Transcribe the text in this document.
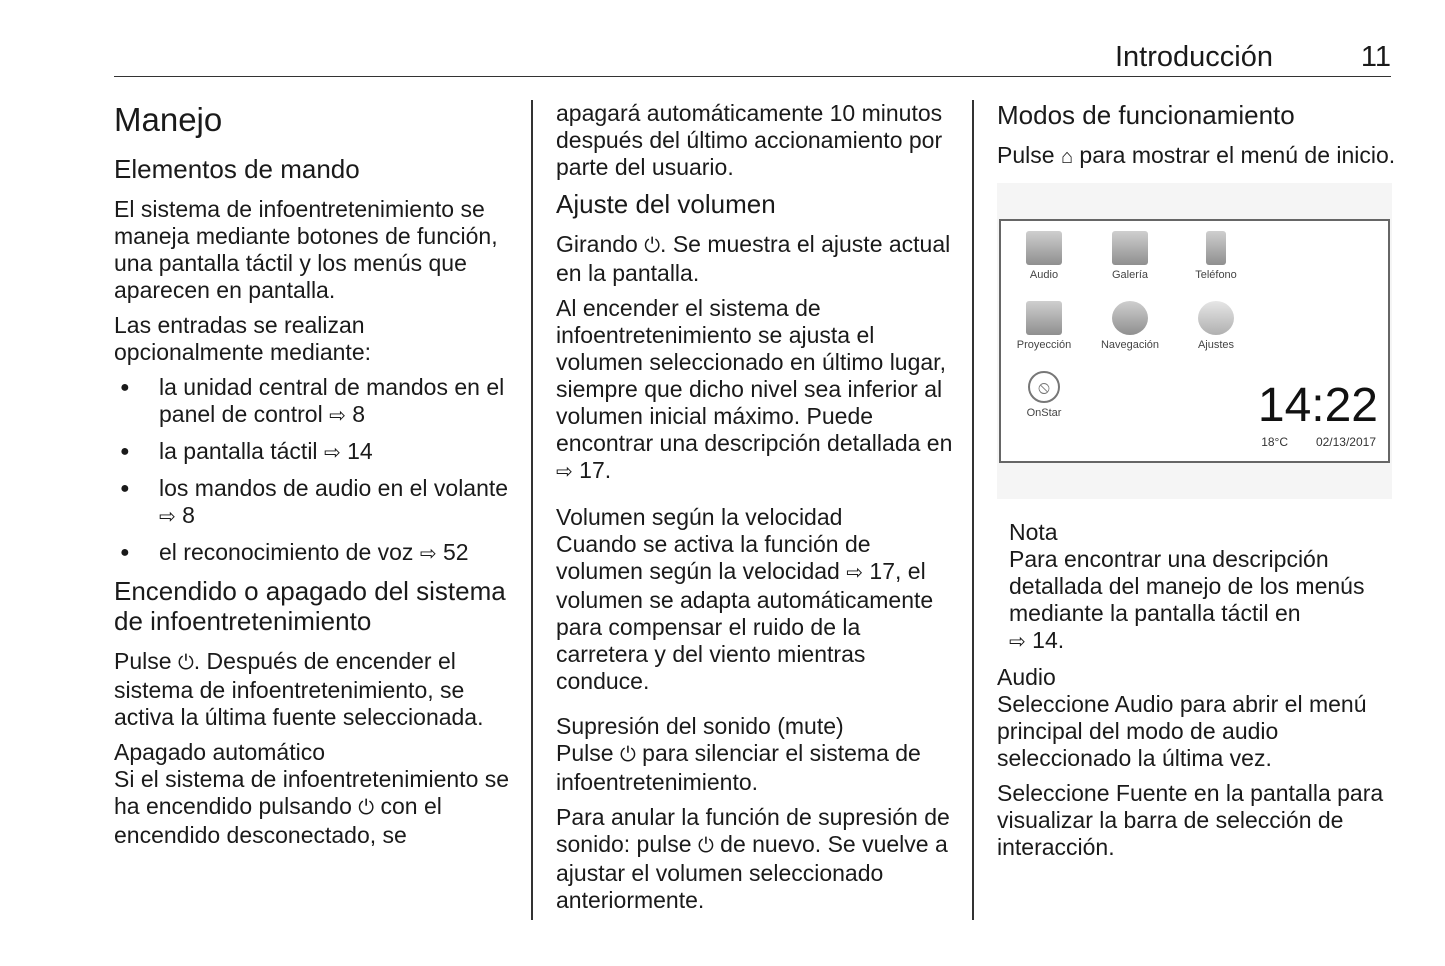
Introducción	11
Manejo
Elementos de mando

El sistema de infoentretenimiento se maneja mediante botones de función, una pantalla táctil y los menús que aparecen en pantalla.

Las entradas se realizan opcionalmente mediante:

● la unidad central de mandos en el panel de control ⇨ 8
● la pantalla táctil ⇨ 14
● los mandos de audio en el volante ⇨ 8
● el reconocimiento de voz ⇨ 52
Encendido o apagado del sistema de infoentretenimiento

Pulse ⏻. Después de encender el sistema de infoentretenimiento, se activa la última fuente seleccionada.

Apagado automático

Si el sistema de infoentretenimiento se ha encendido pulsando ⏻ con el encendido desconectado, se

apagará automáticamente 10 minutos después del último accionamiento por parte del usuario.

Ajuste del volumen

Girando ⏻. Se muestra el ajuste actual en la pantalla.

Al encender el sistema de infoentretenimiento se ajusta el volumen seleccionado en último lugar, siempre que dicho nivel sea inferior al volumen inicial máximo. Puede encontrar una descripción detallada en ⇨ 17.

Volumen según la velocidad

Cuando se activa la función de volumen según la velocidad ⇨ 17, el volumen se adapta automáticamente para compensar el ruido de la carretera y del viento mientras conduce.

Supresión del sonido (mute)

Pulse ⏻ para silenciar el sistema de infoentretenimiento.

Para anular la función de supresión de sonido: pulse ⏻ de nuevo. Se vuelve a ajustar el volumen seleccionado anteriormente.

Modos de funcionamiento

Pulse ⌂ para mostrar el menú de inicio.

Audio	Galería	Teléfono
Proyección	Navegación	Ajustes
⦸
OnStar	14:22
18°C 02/13/2017
Nota

Para encontrar una descripción detallada del manejo de los menús mediante la pantalla táctil en
⇨ 14.

Audio

Seleccione Audio para abrir el menú principal del modo de audio seleccionado la última vez.

Seleccione Fuente en la pantalla para visualizar la barra de selección de interacción.
